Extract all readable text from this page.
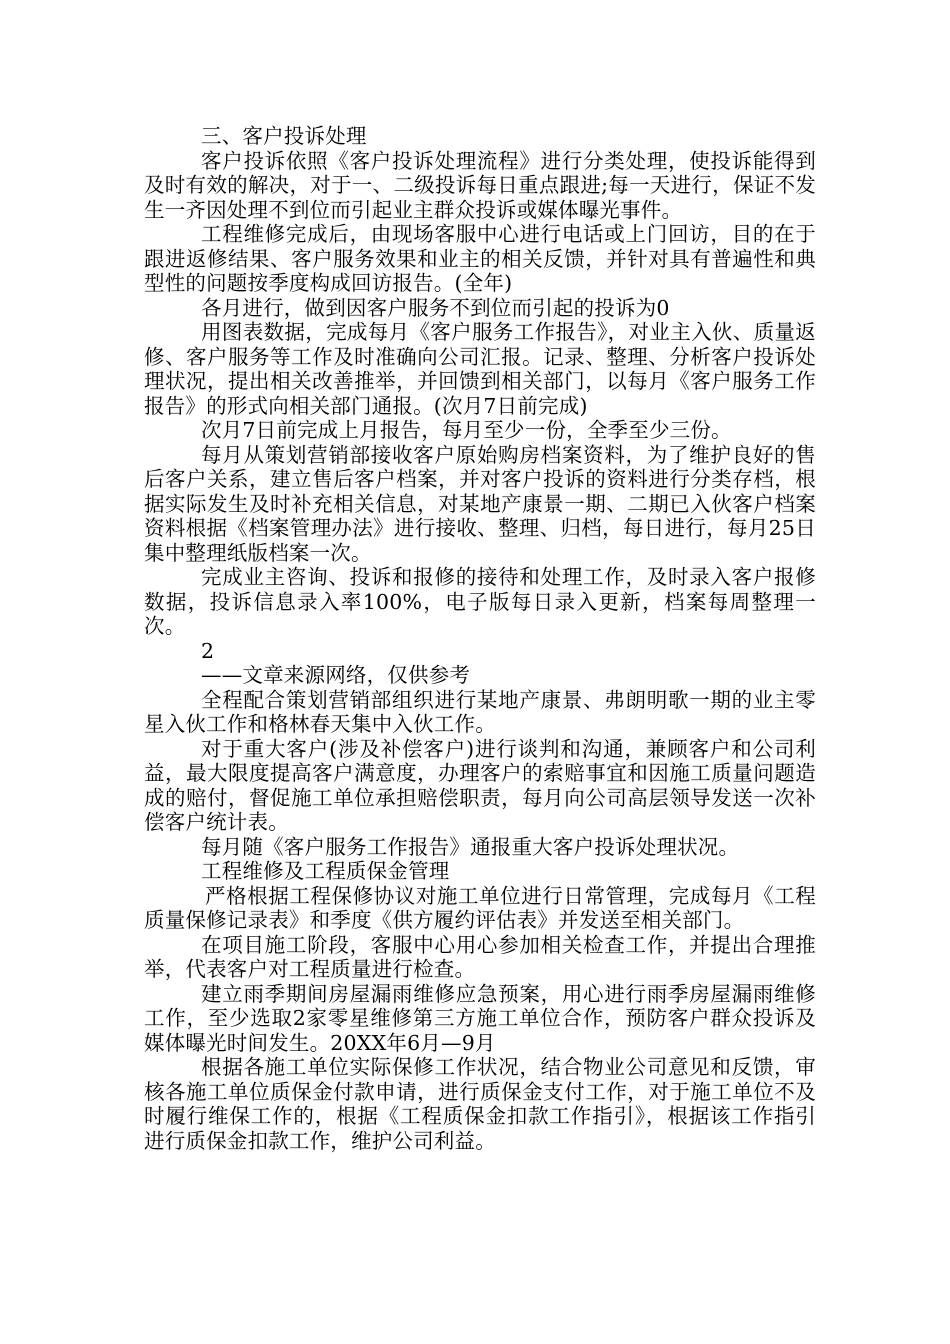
三、客户投诉处理

客户投诉依照《客户投诉处理流程》进行分类处理，使投诉能得到及时有效的解决，对于一、二级投诉每日重点跟进;每一天进行，保证不发生一齐因处理不到位而引起业主群众投诉或媒体曝光事件。

工程维修完成后，由现场客服中心进行电话或上门回访，目的在于跟进返修结果、客户服务效果和业主的相关反馈，并针对具有普遍性和典型性的问题按季度构成回访报告。(全年)

各月进行，做到因客户服务不到位而引起的投诉为0

用图表数据，完成每月《客户服务工作报告》，对业主入伙、质量返修、客户服务等工作及时准确向公司汇报。记录、整理、分析客户投诉处理状况，提出相关改善推举，并回馈到相关部门，以每月《客户服务工作报告》的形式向相关部门通报。(次月7日前完成)

次月7日前完成上月报告，每月至少一份，全季至少三份。

每月从策划营销部接收客户原始购房档案资料，为了维护良好的售后客户关系，建立售后客户档案，并对客户投诉的资料进行分类存档，根据实际发生及时补充相关信息，对某地产康景一期、二期已入伙客户档案资料根据《档案管理办法》进行接收、整理、归档，每日进行，每月25日集中整理纸版档案一次。

完成业主咨询、投诉和报修的接待和处理工作，及时录入客户报修数据，投诉信息录入率100%，电子版每日录入更新，档案每周整理一次。

2

——文章来源网络，仅供参考

全程配合策划营销部组织进行某地产康景、弗朗明歌一期的业主零星入伙工作和格林春天集中入伙工作。

对于重大客户(涉及补偿客户)进行谈判和沟通，兼顾客户和公司利益，最大限度提高客户满意度，办理客户的索赔事宜和因施工质量问题造成的赔付，督促施工单位承担赔偿职责，每月向公司高层领导发送一次补偿客户统计表。

每月随《客户服务工作报告》通报重大客户投诉处理状况。

工程维修及工程质保金管理

严格根据工程保修协议对施工单位进行日常管理，完成每月《工程质量保修记录表》和季度《供方履约评估表》并发送至相关部门。

在项目施工阶段，客服中心用心参加相关检查工作，并提出合理推举，代表客户对工程质量进行检查。

建立雨季期间房屋漏雨维修应急预案，用心进行雨季房屋漏雨维修工作，至少选取2家零星维修第三方施工单位合作，预防客户群众投诉及媒体曝光时间发生。20XX年6月—9月

根据各施工单位实际保修工作状况，结合物业公司意见和反馈，审核各施工单位质保金付款申请，进行质保金支付工作，对于施工单位不及时履行维保工作的，根据《工程质保金扣款工作指引》，根据该工作指引进行质保金扣款工作，维护公司利益。
